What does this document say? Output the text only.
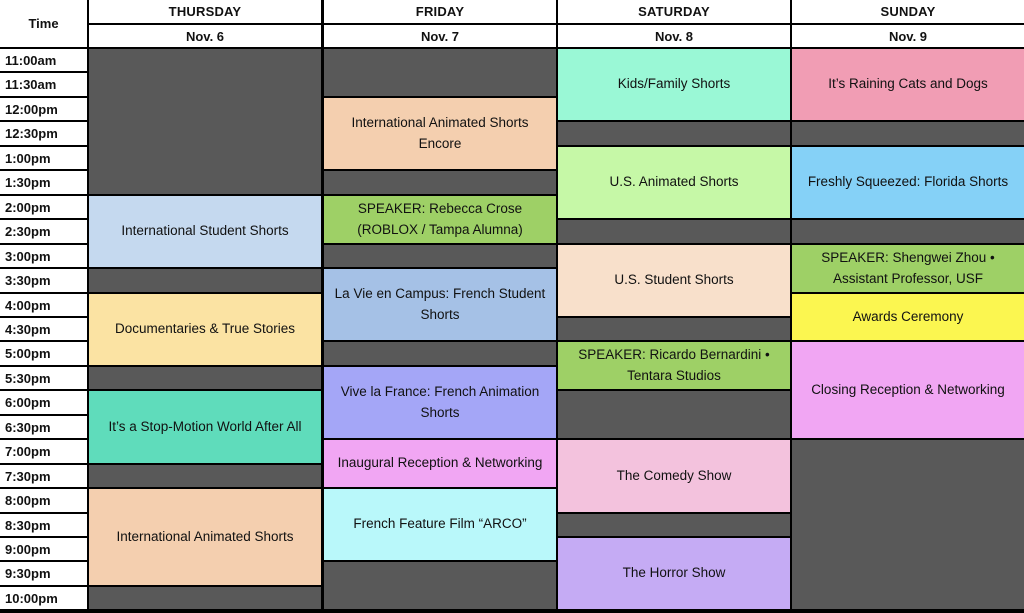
Time
THURSDAY
Nov. 6
FRIDAY
Nov. 7
SATURDAY
Nov. 8
SUNDAY
Nov. 9
11:00am
11:30am
12:00pm
12:30pm
1:00pm
1:30pm
2:00pm
2:30pm
3:00pm
3:30pm
4:00pm
4:30pm
5:00pm
5:30pm
6:00pm
6:30pm
7:00pm
7:30pm
8:00pm
8:30pm
9:00pm
9:30pm
10:00pm
International Student Shorts
Documentaries & True Stories
It’s a Stop-Motion World After All
International Animated Shorts
International Animated Shorts Encore
SPEAKER: Rebecca Crose (ROBLOX / Tampa Alumna)
La Vie en Campus: French Student Shorts
Vive la France: French Animation Shorts
Inaugural Reception & Networking
French Feature Film “ARCO”
Kids/Family Shorts
U.S. Animated Shorts
U.S. Student Shorts
SPEAKER: Ricardo Bernardini • Tentara Studios
The Comedy Show
The Horror Show
It’s Raining Cats and Dogs
Freshly Squeezed: Florida Shorts
SPEAKER: Shengwei Zhou • Assistant Professor, USF
Awards Ceremony
Closing Reception & Networking
